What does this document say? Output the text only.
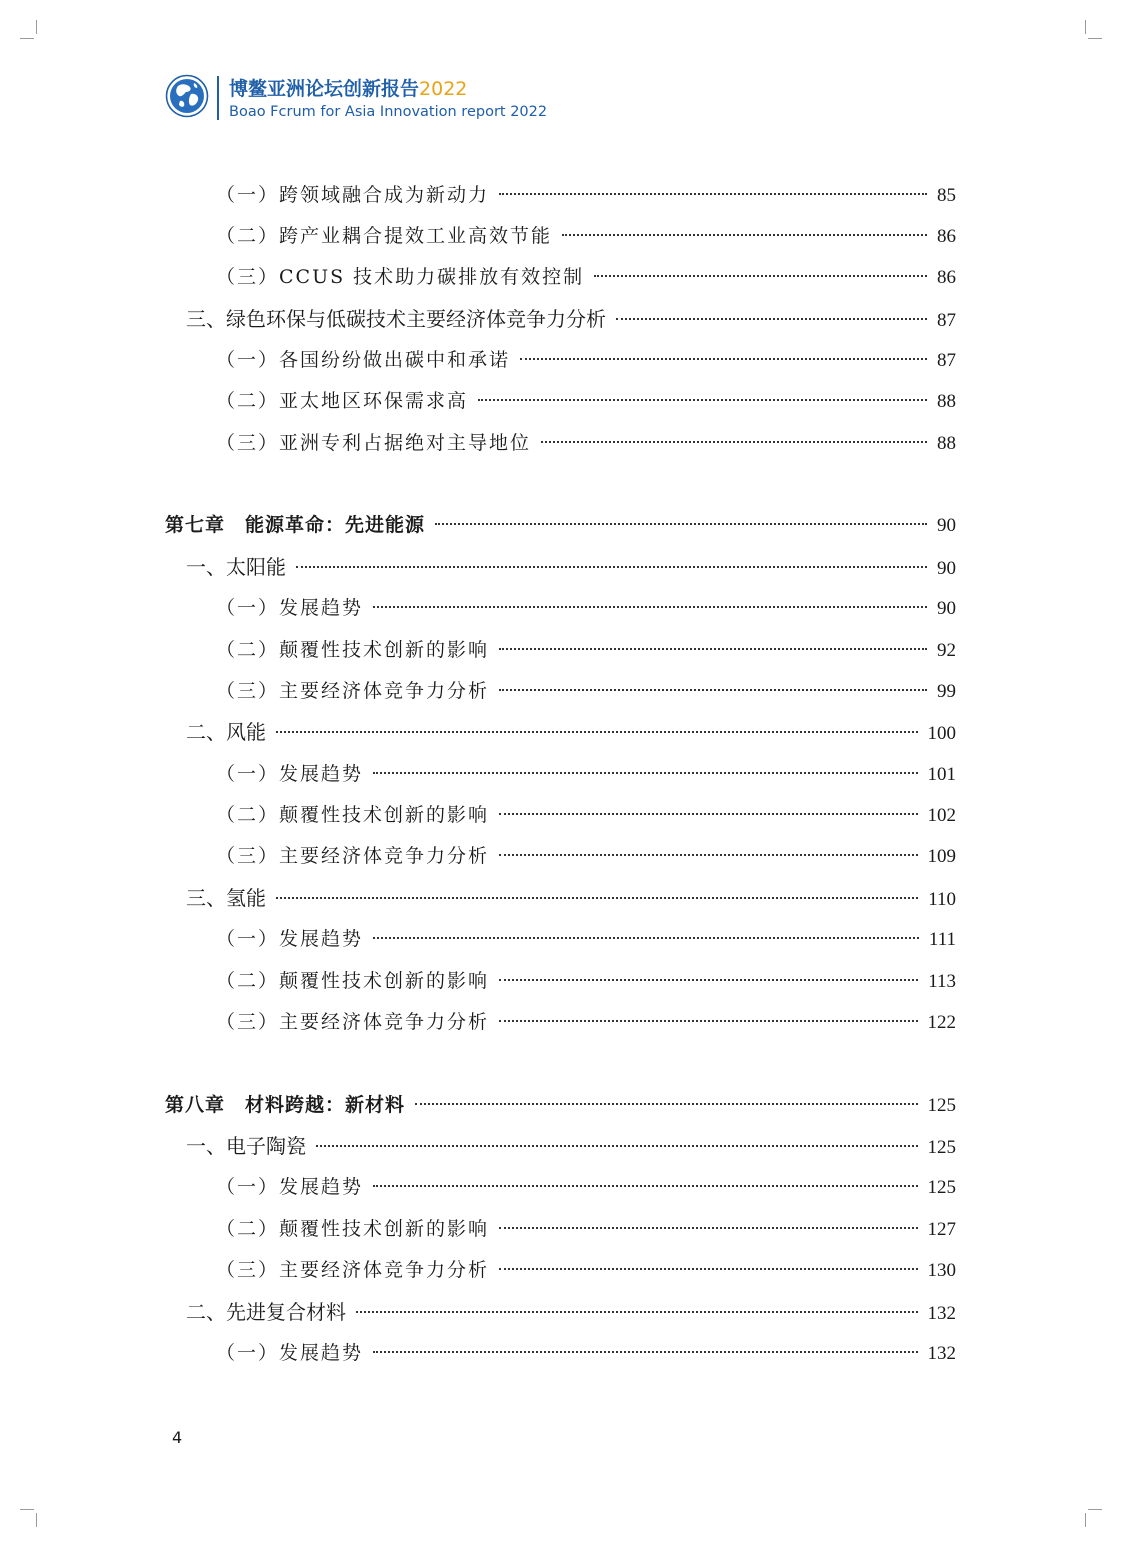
博鳌亚洲论坛创新报告2022
Boao Fcrum for Asia Innovation report 2022
（一）跨领域融合成为新动力	85
（二）跨产业耦合提效工业高效节能	86
（三）CCUS 技术助力碳排放有效控制	86
三、绿色环保与低碳技术主要经济体竞争力分析	87
（一）各国纷纷做出碳中和承诺	87
（二）亚太地区环保需求高	88
（三）亚洲专利占据绝对主导地位	88
第七章　能源革命：先进能源	90
一、太阳能	90
（一）发展趋势	90
（二）颠覆性技术创新的影响	92
（三）主要经济体竞争力分析	99
二、风能	100
（一）发展趋势	101
（二）颠覆性技术创新的影响	102
（三）主要经济体竞争力分析	109
三、氢能	110
（一）发展趋势	111
（二）颠覆性技术创新的影响	113
（三）主要经济体竞争力分析	122
第八章　材料跨越：新材料	125
一、电子陶瓷	125
（一）发展趋势	125
（二）颠覆性技术创新的影响	127
（三）主要经济体竞争力分析	130
二、先进复合材料	132
（一）发展趋势	132
4
